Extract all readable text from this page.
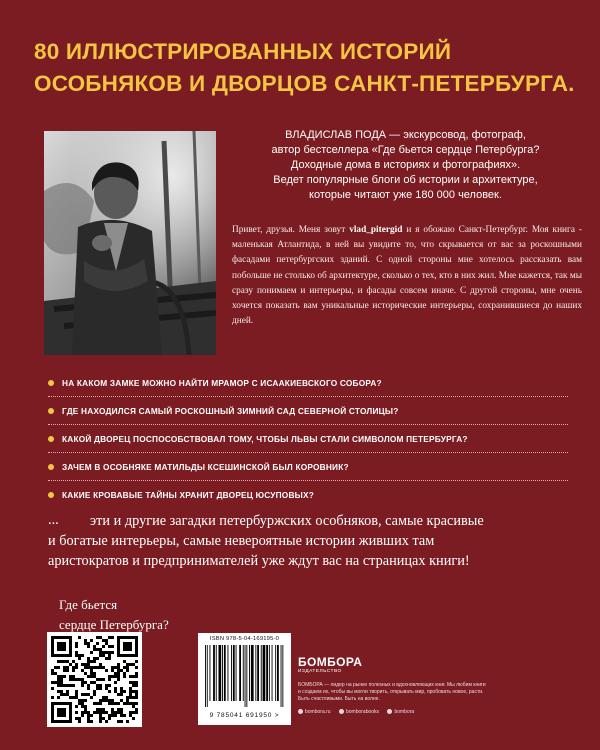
80 ИЛЛЮСТРИРОВАННЫХ ИСТОРИЙ
ОСОБНЯКОВ И ДВОРЦОВ САНКТ-ПЕТЕРБУРГА.
ВЛАДИСЛАВ ПОДА — экскурсовод, фотограф,
автор бестселлера «Где бьется сердце Петербурга?
Доходные дома в историях и фотографиях».
Ведет популярные блоги об истории и архитектуре,
которые читают уже 180 000 человек.
Привет, друзья. Меня зовут vlad_pitergid и я обожаю Санкт-Петербург. Моя книга - маленькая Атлантида, в ней вы увидите то, что скрывается от вас за роскошными фасадами петербургских зданий. С одной стороны мне хотелось рассказать вам побольше не столько об архитектуре, сколько о тех, кто в них жил. Мне кажется, так мы сразу понимаем и интерьеры, и фасады совсем иначе. С другой стороны, мне очень хочется показать вам уникальные исторические интерьеры, сохранившиеся до наших дней.
НА КАКОМ ЗАМКЕ МОЖНО НАЙТИ МРАМОР С ИСААКИЕВСКОГО СОБОРА?
ГДЕ НАХОДИЛСЯ САМЫЙ РОСКОШНЫЙ ЗИМНИЙ САД СЕВЕРНОЙ СТОЛИЦЫ?
КАКОЙ ДВОРЕЦ ПОСПОСОБСТВОВАЛ ТОМУ, ЧТОБЫ ЛЬВЫ СТАЛИ СИМВОЛОМ ПЕТЕРБУРГА?
ЗАЧЕМ В ОСОБНЯКЕ МАТИЛЬДЫ КСЕШИНСКОЙ БЫЛ КОРОВНИК?
КАКИЕ КРОВАВЫЕ ТАЙНЫ ХРАНИТ ДВОРЕЦ ЮСУПОВЫХ?
...	эти и другие загадки петербуржских особняков, самые красивые
и богатые интерьеры, самые невероятные истории живших там
аристократов и предпринимателей уже ждут вас на страницах книги!
Где бьется
сердце Петербурга?
ISBN 978-5-04-169195-0
9 785041 691950 >
БОМБОРА
ИЗДАТЕЛЬСТВО
БОМБОРА — лидер на рынке полезных и вдохновляющих книг. Мы любим книги и создаем их, чтобы вы могли творить, открывать мир, пробовать новое, расти. Быть счастливыми. Быть на волне.
bombora.ru	bomborabooks	bombora
